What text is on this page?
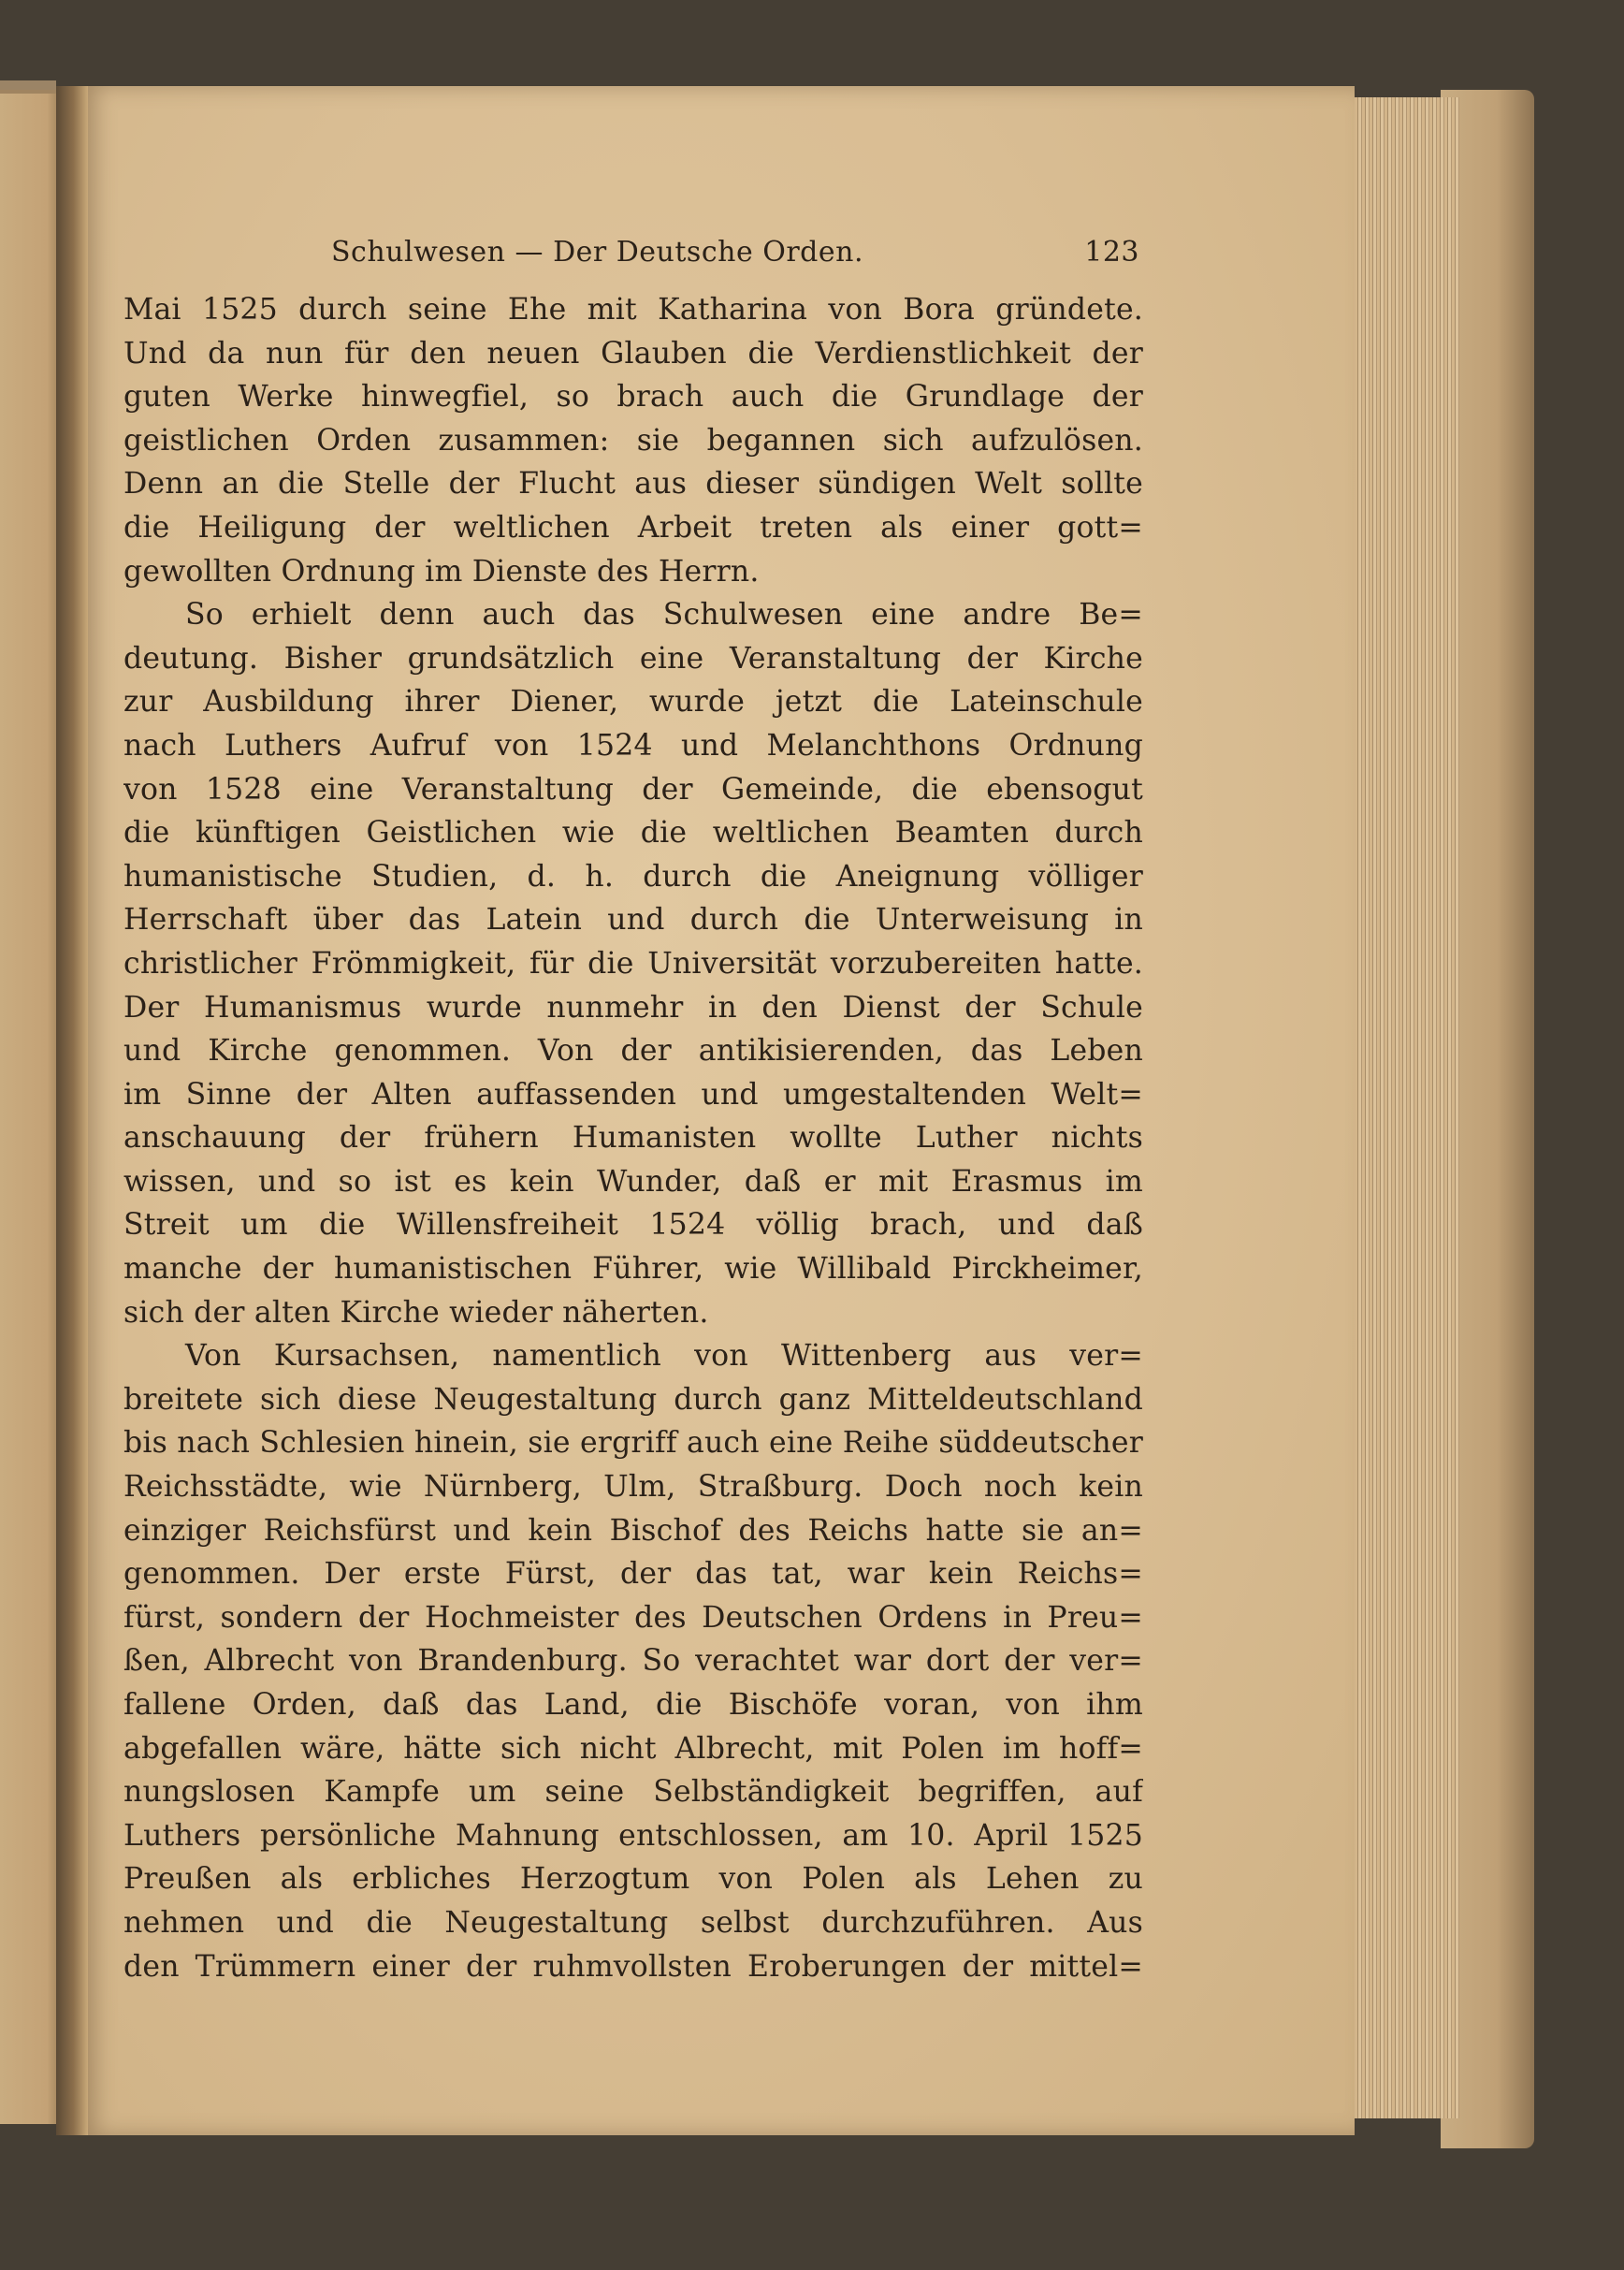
Schulwesen — Der Deutsche Orden.	123
Mai 1525 durch seine Ehe mit Katharina von Bora gründete.
Und da nun für den neuen Glauben die Verdienstlichkeit der
guten Werke hinwegfiel, so brach auch die Grundlage der
geistlichen Orden zusammen: sie begannen sich aufzulösen.
Denn an die Stelle der Flucht aus dieser sündigen Welt sollte
die Heiligung der weltlichen Arbeit treten als einer gott=
gewollten Ordnung im Dienste des Herrn.
So erhielt denn auch das Schulwesen eine andre Be=
deutung. Bisher grundsätzlich eine Veranstaltung der Kirche
zur Ausbildung ihrer Diener, wurde jetzt die Lateinschule
nach Luthers Aufruf von 1524 und Melanchthons Ordnung
von 1528 eine Veranstaltung der Gemeinde, die ebensogut
die künftigen Geistlichen wie die weltlichen Beamten durch
humanistische Studien, d. h. durch die Aneignung völliger
Herrschaft über das Latein und durch die Unterweisung in
christlicher Frömmigkeit, für die Universität vorzubereiten hatte.
Der Humanismus wurde nunmehr in den Dienst der Schule
und Kirche genommen. Von der antikisierenden, das Leben
im Sinne der Alten auffassenden und umgestaltenden Welt=
anschauung der frühern Humanisten wollte Luther nichts
wissen, und so ist es kein Wunder, daß er mit Erasmus im
Streit um die Willensfreiheit 1524 völlig brach, und daß
manche der humanistischen Führer, wie Willibald Pirckheimer,
sich der alten Kirche wieder näherten.
Von Kursachsen, namentlich von Wittenberg aus ver=
breitete sich diese Neugestaltung durch ganz Mitteldeutschland
bis nach Schlesien hinein, sie ergriff auch eine Reihe süddeutscher
Reichsstädte, wie Nürnberg, Ulm, Straßburg. Doch noch kein
einziger Reichsfürst und kein Bischof des Reichs hatte sie an=
genommen. Der erste Fürst, der das tat, war kein Reichs=
fürst, sondern der Hochmeister des Deutschen Ordens in Preu=
ßen, Albrecht von Brandenburg. So verachtet war dort der ver=
fallene Orden, daß das Land, die Bischöfe voran, von ihm
abgefallen wäre, hätte sich nicht Albrecht, mit Polen im hoff=
nungslosen Kampfe um seine Selbständigkeit begriffen, auf
Luthers persönliche Mahnung entschlossen, am 10. April 1525
Preußen als erbliches Herzogtum von Polen als Lehen zu
nehmen und die Neugestaltung selbst durchzuführen. Aus
den Trümmern einer der ruhmvollsten Eroberungen der mittel=
